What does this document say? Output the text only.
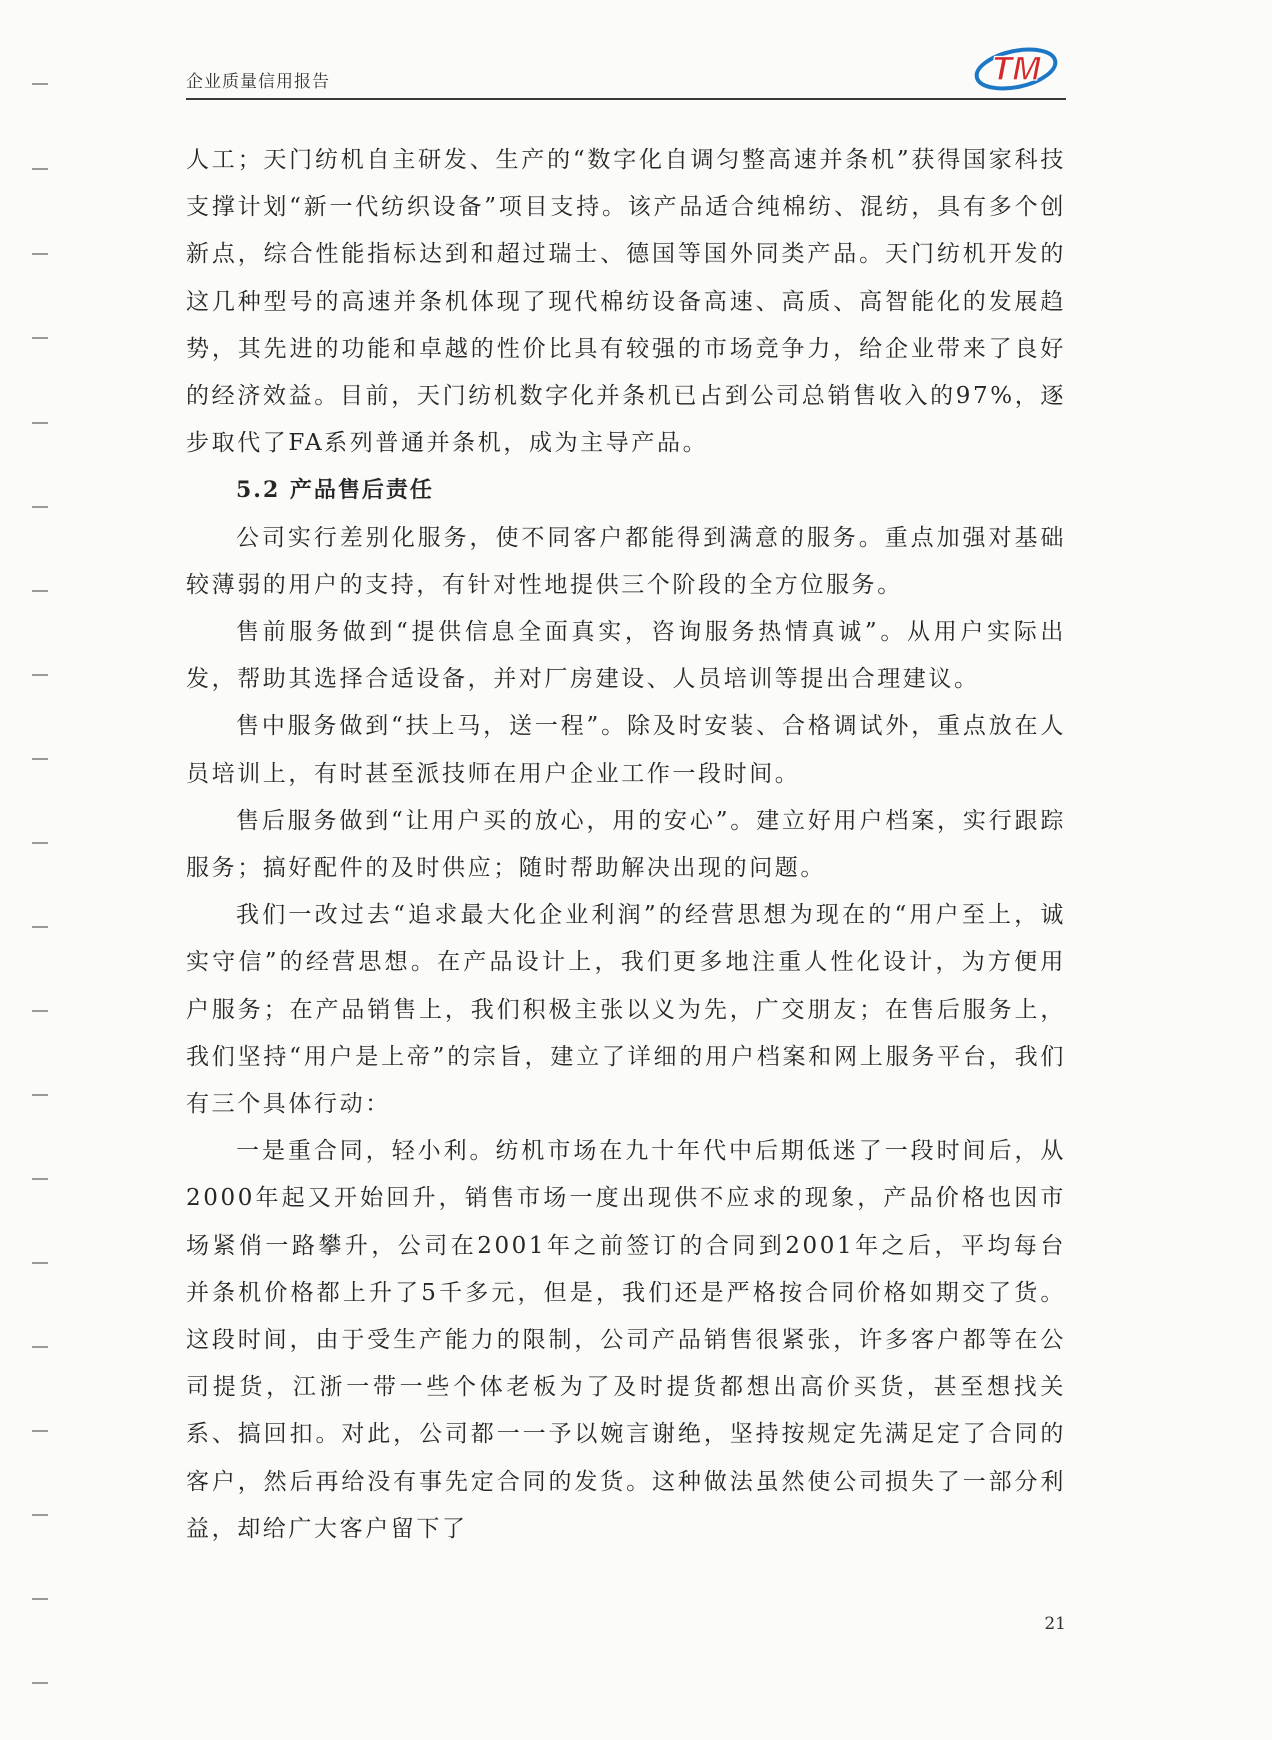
企业质量信用报告	TM

人工；天门纺机自主研发、生产的“数字化自调匀整高速并条机”获得国家科技支撑计划“新一代纺织设备”项目支持。该产品适合纯棉纺、混纺，具有多个创新点，综合性能指标达到和超过瑞士、德国等国外同类产品。天门纺机开发的这几种型号的高速并条机体现了现代棉纺设备高速、高质、高智能化的发展趋势，其先进的功能和卓越的性价比具有较强的市场竞争力，给企业带来了良好的经济效益。目前，天门纺机数字化并条机已占到公司总销售收入的97%，逐步取代了FA系列普通并条机，成为主导产品。

5.2 产品售后责任

公司实行差别化服务，使不同客户都能得到满意的服务。重点加强对基础较薄弱的用户的支持，有针对性地提供三个阶段的全方位服务。

售前服务做到“提供信息全面真实，咨询服务热情真诚”。从用户实际出发，帮助其选择合适设备，并对厂房建设、人员培训等提出合理建议。

售中服务做到“扶上马，送一程”。除及时安装、合格调试外，重点放在人员培训上，有时甚至派技师在用户企业工作一段时间。

售后服务做到“让用户买的放心，用的安心”。建立好用户档案，实行跟踪服务；搞好配件的及时供应；随时帮助解决出现的问题。

我们一改过去“追求最大化企业利润”的经营思想为现在的“用户至上，诚实守信”的经营思想。在产品设计上，我们更多地注重人性化设计，为方便用户服务；在产品销售上，我们积极主张以义为先，广交朋友；在售后服务上，我们坚持“用户是上帝”的宗旨，建立了详细的用户档案和网上服务平台，我们有三个具体行动：

一是重合同，轻小利。纺机市场在九十年代中后期低迷了一段时间后，从2000年起又开始回升，销售市场一度出现供不应求的现象，产品价格也因市场紧俏一路攀升，公司在2001年之前签订的合同到2001年之后，平均每台并条机价格都上升了5千多元，但是，我们还是严格按合同价格如期交了货。这段时间，由于受生产能力的限制，公司产品销售很紧张，许多客户都等在公司提货，江浙一带一些个体老板为了及时提货都想出高价买货，甚至想找关系、搞回扣。对此，公司都一一予以婉言谢绝，坚持按规定先满足定了合同的客户，然后再给没有事先定合同的发货。这种做法虽然使公司损失了一部分利益，却给广大客户留下了

21
